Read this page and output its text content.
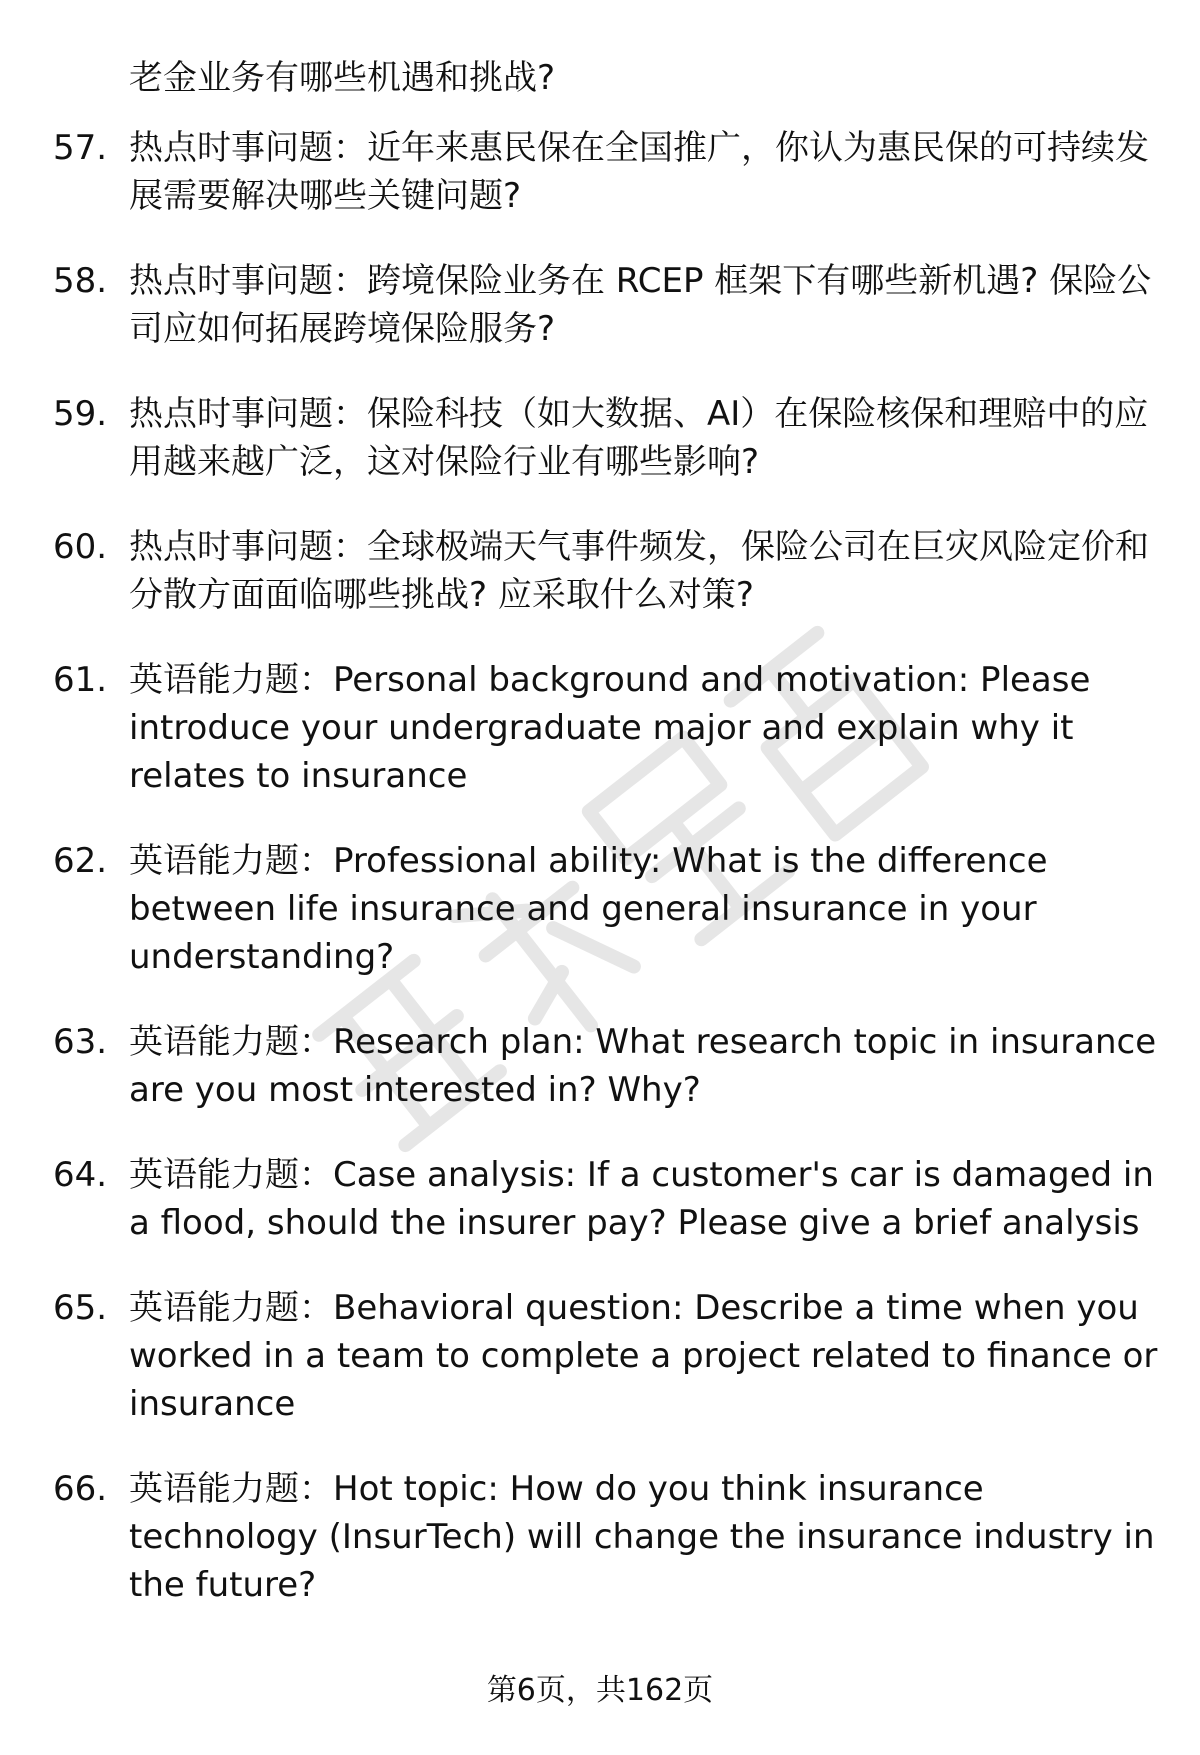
老金业务有哪些机遇和挑战?
57. 热点时事问题：近年来惠民保在全国推广，你认为惠民保的可持续发展需要解决哪些关键问题?
58. 热点时事问题：跨境保险业务在 RCEP 框架下有哪些新机遇? 保险公司应如何拓展跨境保险服务?
59. 热点时事问题：保险科技（如大数据、AI）在保险核保和理赔中的应用越来越广泛，这对保险行业有哪些影响?
60. 热点时事问题：全球极端天气事件频发，保险公司在巨灾风险定价和分散方面面临哪些挑战? 应采取什么对策?
61. 英语能力题：Personal background and motivation: Please introduce your undergraduate major and explain why it relates to insurance
62. 英语能力题：Professional ability: What is the difference between life insurance and general insurance in your understanding?
63. 英语能力题：Research plan: What research topic in insurance are you most interested in? Why?
64. 英语能力题：Case analysis: If a customer's car is damaged in a flood, should the insurer pay? Please give a brief analysis
65. 英语能力题：Behavioral question: Describe a time when you worked in a team to complete a project related to finance or insurance
66. 英语能力题：Hot topic: How do you think insurance technology (InsurTech) will change the insurance industry in the future?
第6页，共162页
